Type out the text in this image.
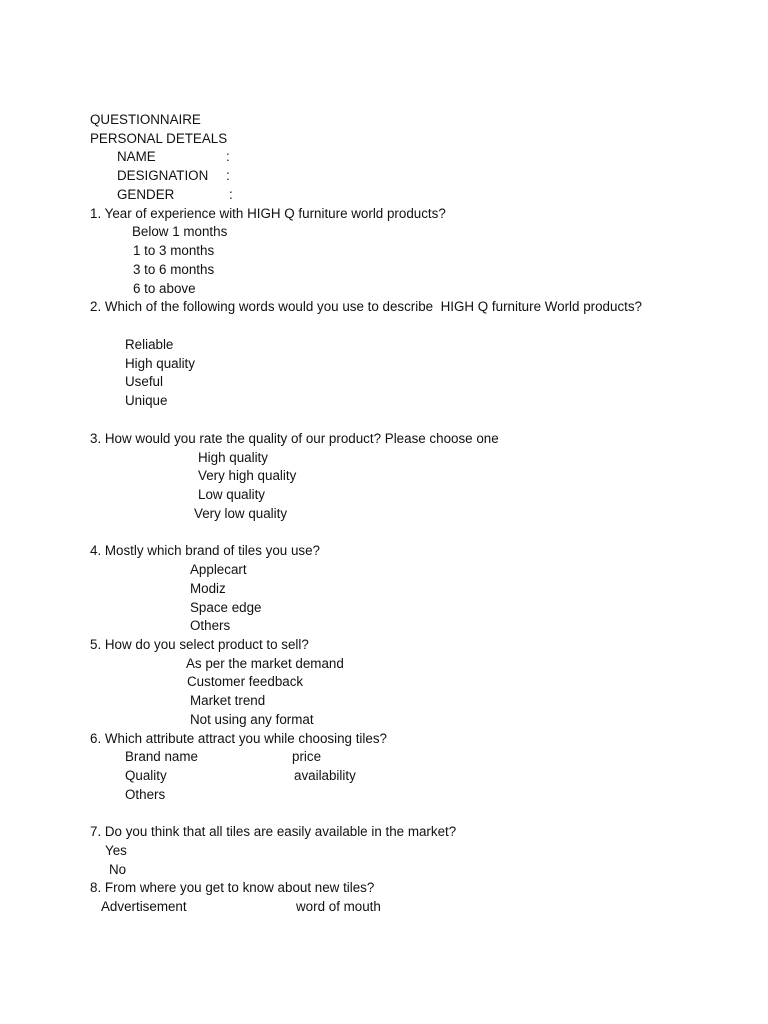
QUESTIONNAIRE
PERSONAL DETEALS
NAME	:
DESIGNATION :
GENDER	:
1. Year of experience with HIGH Q furniture world products?
Below 1 months
1 to 3 months
3 to 6 months
6 to above
2. Which of the following words would you use to describe  HIGH Q furniture World products?
Reliable
High quality
Useful
Unique
3. How would you rate the quality of our product? Please choose one
High quality
Very high quality
Low quality
Very low quality
4. Mostly which brand of tiles you use?
Applecart
Modiz
Space edge
Others
5. How do you select product to sell?
As per the market demand
Customer feedback
Market trend
Not using any format
6. Which attribute attract you while choosing tiles?
Brand name	price
Quality	availability
Others
7. Do you think that all tiles are easily available in the market?
Yes
No
8. From where you get to know about new tiles?
Advertisement	word of mouth
